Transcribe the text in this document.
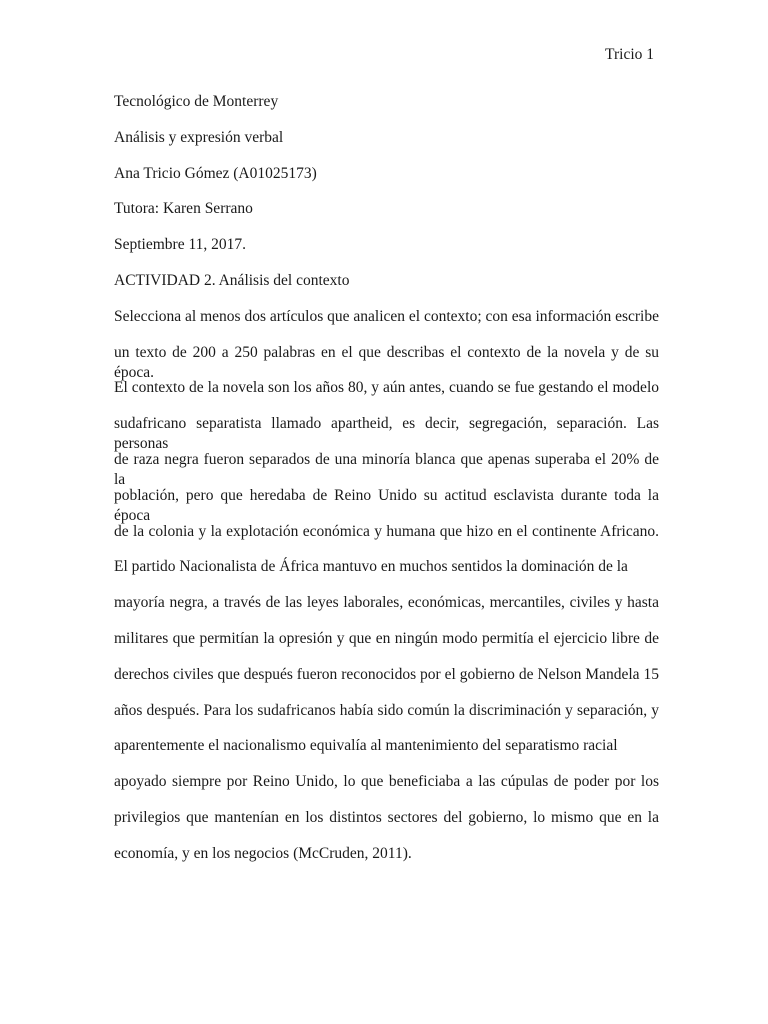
Tricio 1
Tecnológico de Monterrey
Análisis y expresión verbal
Ana Tricio Gómez (A01025173)
Tutora: Karen Serrano
Septiembre 11, 2017.
ACTIVIDAD 2. Análisis del contexto
Selecciona al menos dos artículos que analicen el contexto; con esa información escribe
un texto de 200 a 250 palabras en el que describas el contexto de la novela y de su época.
El contexto de la novela son los años 80, y aún antes, cuando se fue gestando el modelo
sudafricano separatista llamado apartheid, es decir, segregación, separación. Las personas
de raza negra fueron separados de una minoría blanca que apenas superaba el 20% de la
población, pero que heredaba de Reino Unido su actitud esclavista durante toda la época
de la colonia y la explotación económica y humana que hizo en el continente Africano.
El partido Nacionalista de África mantuvo en muchos sentidos la dominación de la
mayoría negra, a través de las leyes laborales, económicas, mercantiles, civiles y hasta
militares que permitían la opresión y que en ningún modo permitía el ejercicio libre de
derechos civiles que después fueron reconocidos por el gobierno de Nelson Mandela 15
años después. Para los sudafricanos había sido común la discriminación y separación, y
aparentemente el nacionalismo equivalía al mantenimiento del separatismo racial
apoyado siempre por Reino Unido, lo que beneficiaba a las cúpulas de poder por los
privilegios que mantenían en los distintos sectores del gobierno, lo mismo que en la
economía, y en los negocios (McCruden, 2011).
